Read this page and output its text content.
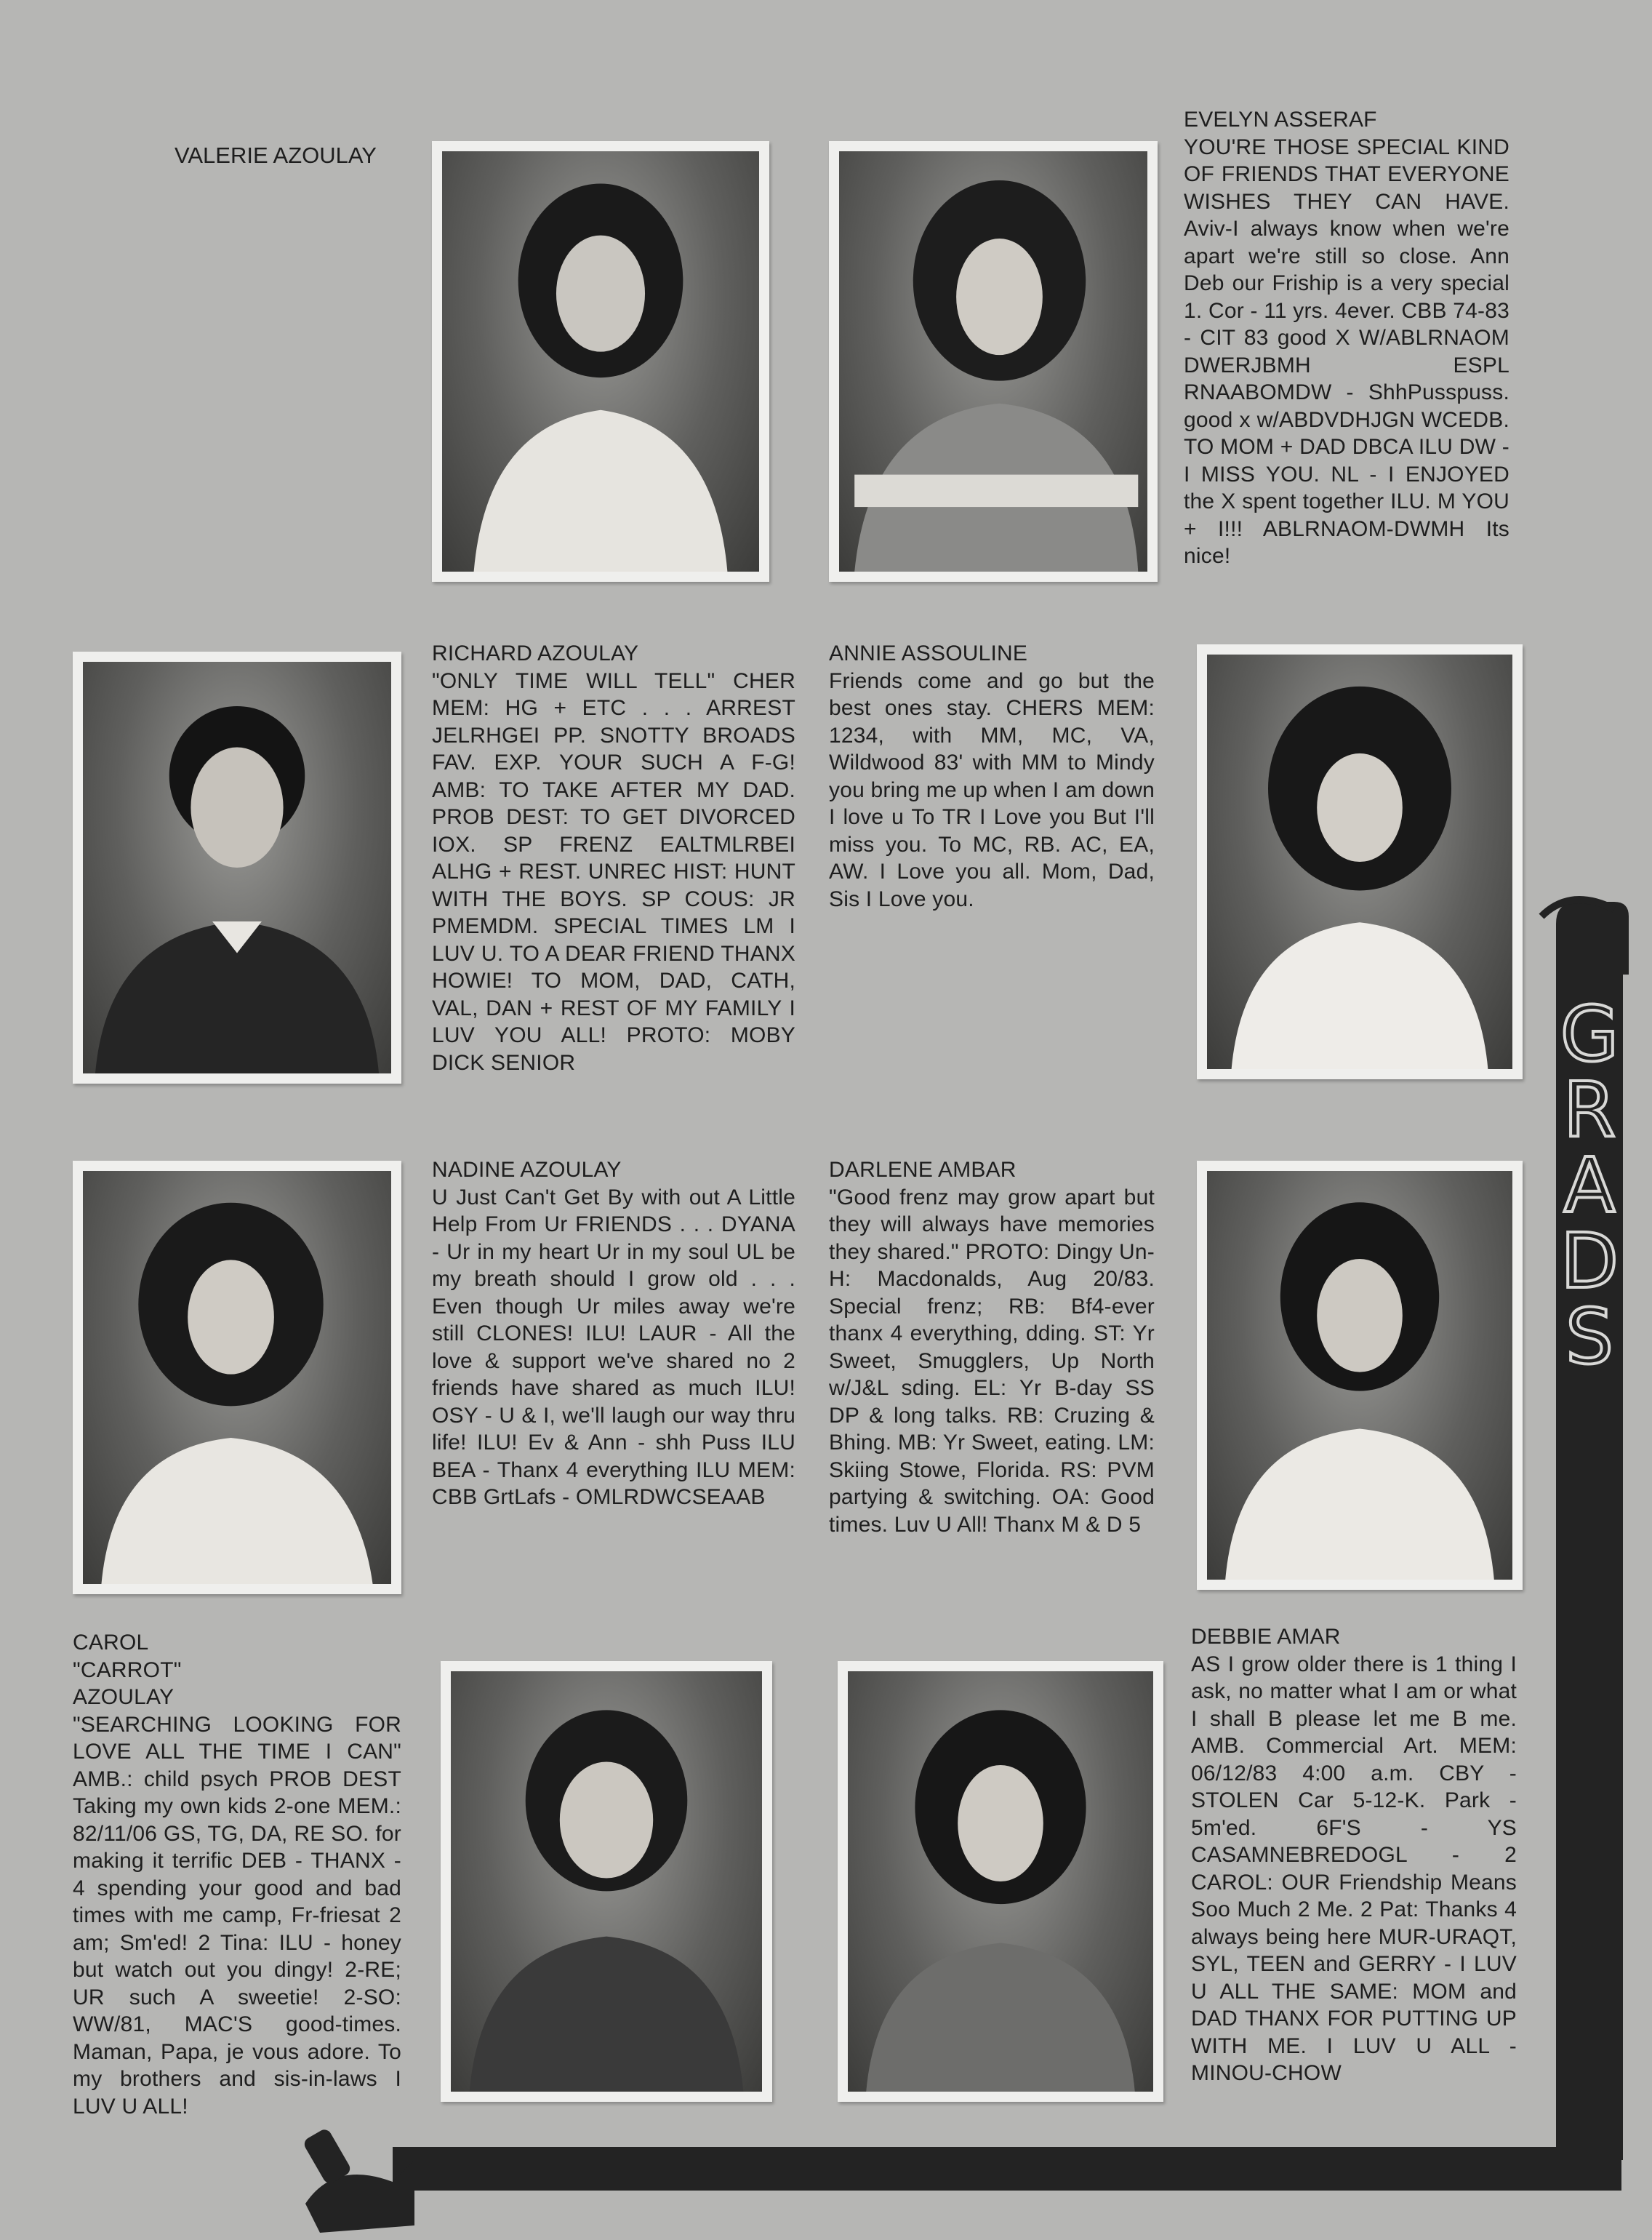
G
R
A
D
S
VALERIE AZOULAY
EVELYN ASSERAF
YOU'RE THOSE SPECIAL KIND OF FRIENDS THAT EVERYONE WISHES THEY CAN HAVE. Aviv-I always know when we're apart we're still so close. Ann Deb our Friship is a very special 1. Cor - 11 yrs. 4ever. CBB 74-83 - CIT 83 good X W/ABLRNAOM DWERJBMH ESPL RNAABOMDW - ShhPusspuss. good x w/ABDVDHJGN WCEDB. TO MOM + DAD DBCA ILU DW - I MISS YOU. NL - I ENJOYED the X spent together ILU. M YOU + I!!! ABLRNAOM-DWMH Its nice!
RICHARD AZOULAY
"ONLY TIME WILL TELL" CHER MEM: HG + ETC . . . ARREST JELRHGEI PP. SNOTTY BROADS FAV. EXP. YOUR SUCH A F-G! AMB: TO TAKE AFTER MY DAD. PROB DEST: TO GET DIVORCED IOX. SP FRENZ EALTMLRBEI ALHG + REST. UNREC HIST: HUNT WITH THE BOYS. SP COUS: JR PMEMDM. SPECIAL TIMES LM I LUV U. TO A DEAR FRIEND THANX HOWIE! TO MOM, DAD, CATH, VAL, DAN + REST OF MY FAMILY I LUV YOU ALL! PROTO: MOBY DICK SENIOR
ANNIE ASSOULINE
Friends come and go but the best ones stay. CHERS MEM: 1234, with MM, MC, VA, Wildwood 83' with MM to Mindy you bring me up when I am down I love u To TR I Love you But I'll miss you. To MC, RB. AC, EA, AW. I Love you all. Mom, Dad, Sis I Love you.
NADINE AZOULAY
U Just Can't Get By with out A Little Help From Ur FRIENDS . . . DYANA - Ur in my heart Ur in my soul UL be my breath should I grow old . . . Even though Ur miles away we're still CLONES! ILU! LAUR - All the love & support we've shared no 2 friends have shared as much ILU! OSY - U & I, we'll laugh our way thru life! ILU! Ev & Ann - shh Puss ILU BEA - Thanx 4 everything ILU MEM: CBB GrtLafs - OMLRDWCSEAAB
DARLENE AMBAR
"Good frenz may grow apart but they will always have memories they shared." PROTO: Dingy Un-H: Macdonalds, Aug 20/83. Special frenz; RB: Bf4-ever thanx 4 everything, dding. ST: Yr Sweet, Smugglers, Up North w/J&L sding. EL: Yr B-day SS DP & long talks. RB: Cruzing & Bhing. MB: Yr Sweet, eating. LM: Skiing Stowe, Florida. RS: PVM partying & switching. OA: Good times. Luv U All! Thanx M & D 5
CAROL "CARROT" AZOULAY
"SEARCHING LOOKING FOR LOVE ALL THE TIME I CAN" AMB.: child psych PROB DEST Taking my own kids 2-one MEM.: 82/11/06 GS, TG, DA, RE SO. for making it terrific DEB - THANX - 4 spending your good and bad times with me camp, Fr-friesat 2 am; Sm'ed! 2 Tina: ILU - honey but watch out you dingy! 2-RE; UR such A sweetie! 2-SO: WW/81, MAC'S good-times. Maman, Papa, je vous adore. To my brothers and sis-in-laws I LUV U ALL!
DEBBIE AMAR
AS I grow older there is 1 thing I ask, no matter what I am or what I shall B please let me B me. AMB. Commercial Art. MEM: 06/12/83 4:00 a.m. CBY - STOLEN Car 5-12-K. Park - 5m'ed. 6F'S - YS CASAMNEBREDOGL - 2 CAROL: OUR Friendship Means Soo Much 2 Me. 2 Pat: Thanks 4 always being here MUR-URAQT, SYL, TEEN and GERRY - I LUV U ALL THE SAME: MOM and DAD THANX FOR PUTTING UP WITH ME. I LUV U ALL - MINOU-CHOW
